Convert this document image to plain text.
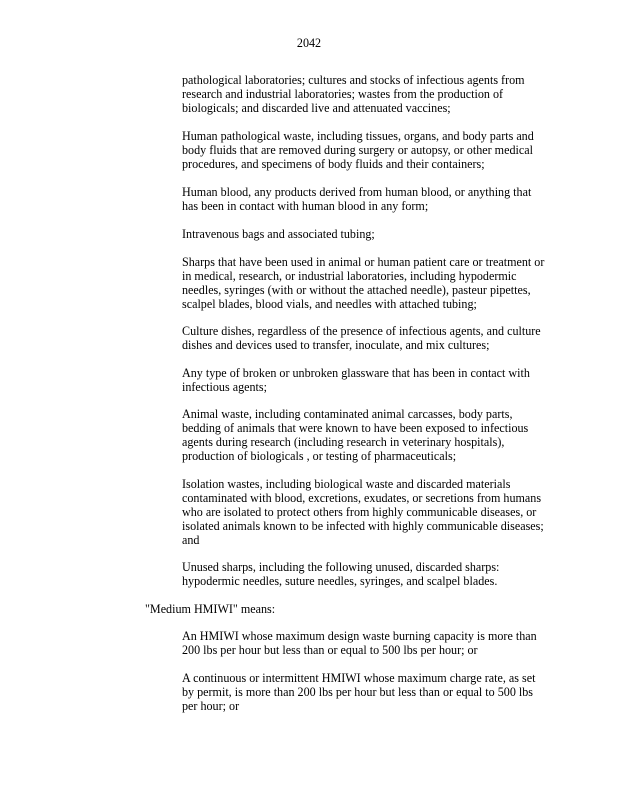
2042

pathological laboratories; cultures and stocks of infectious agents from
research and industrial laboratories; wastes from the production of
biologicals; and discarded live and attenuated vaccines;

Human pathological waste, including tissues, organs, and body parts and
body fluids that are removed during surgery or autopsy, or other medical
procedures, and specimens of body fluids and their containers;

Human blood, any products derived from human blood, or anything that
has been in contact with human blood in any form;

Intravenous bags and associated tubing;

Sharps that have been used in animal or human patient care or treatment or
in medical, research, or industrial laboratories, including hypodermic
needles, syringes (with or without the attached needle), pasteur pipettes,
scalpel blades, blood vials, and needles with attached tubing;

Culture dishes, regardless of the presence of infectious agents, and culture
dishes and devices used to transfer, inoculate, and mix cultures;

Any type of broken or unbroken glassware that has been in contact with
infectious agents;

Animal waste, including contaminated animal carcasses, body parts,
bedding of animals that were known to have been exposed to infectious
agents during research (including research in veterinary hospitals),
production of biologicals , or testing of pharmaceuticals;

Isolation wastes, including biological waste and discarded materials
contaminated with blood, excretions, exudates, or secretions from humans
who are isolated to protect others from highly communicable diseases, or
isolated animals known to be infected with highly communicable diseases;
and

Unused sharps, including the following unused, discarded sharps:
hypodermic needles, suture needles, syringes, and scalpel blades.

"Medium HMIWI" means:

An HMIWI whose maximum design waste burning capacity is more than
200 lbs per hour but less than or equal to 500 lbs per hour; or

A continuous or intermittent HMIWI whose maximum charge rate, as set
by permit, is more than 200 lbs per hour but less than or equal to 500 lbs
per hour; or
